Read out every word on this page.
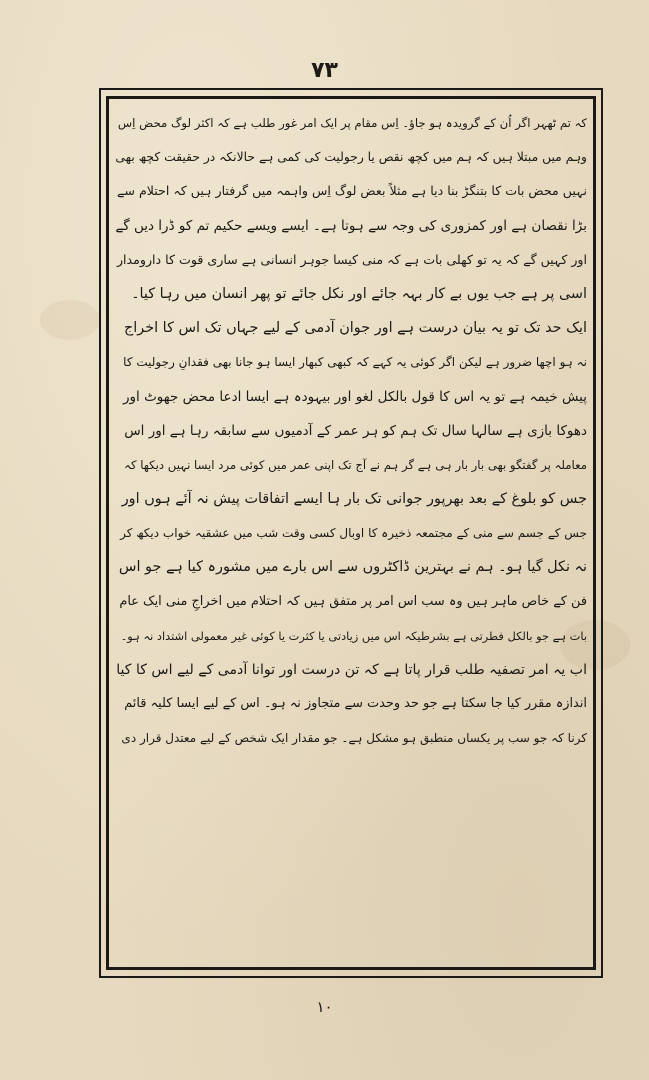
۷۳
کہ تم ٹھہر اگر اُن کے گرویدہ ہو جاؤ۔ اِس مقام پر ایک امر غور طلب ہے کہ اکثر لوگ محض اِس
وہم میں مبتلا ہیں کہ ہم میں کچھ نقص یا رجولیت کی کمی ہے حالانکہ در حقیقت کچھ بھی
نہیں محض بات کا بتنگڑ بنا دیا ہے مثلاً بعض لوگ اِس واہمہ میں گرفتار ہیں کہ احتلام سے
بڑا نقصان ہے اور کمزوری کی وجہ سے ہوتا ہے۔ ایسے ویسے حکیم تم کو ڈرا دیں گے
اور کہیں گے کہ یہ تو کھلی بات ہے کہ منی کیسا جوہر انسانی ہے ساری قوت کا دارومدار
اسی پر ہے جب یوں بے کار بہہ جائے اور نکل جائے تو پھر انسان میں رہا کیا۔
ایک حد تک تو یہ بیان درست ہے اور جوان آدمی کے لیے جہاں تک اس کا اخراج
نہ ہو اچھا ضرور ہے لیکن اگر کوئی یہ کہے کہ کبھی کبھار ایسا ہو جانا بھی فقدانِ رجولیت کا
پیش خیمہ ہے تو یہ اس کا قول بالکل لغو اور بیہودہ ہے ایسا ادعا محض جھوٹ اور
دھوکا بازی ہے سالہا سال تک ہم کو ہر عمر کے آدمیوں سے سابقہ رہا ہے اور اس
معاملہ پر گفتگو بھی بار بار ہی ہے گر ہم نے آج تک اپنی عمر میں کوئی مرد ایسا نہیں دیکھا کہ
جس کو بلوغ کے بعد بھرپور جوانی تک بار ہا ایسے اتفاقات پیش نہ آئے ہوں اور
جس کے جسم سے منی کے مجتمعہ ذخیرہ کا اوبال کسی وقت شب میں عشقیہ خواب دیکھ کر
نہ نکل گیا ہو۔ ہم نے بہترین ڈاکٹروں سے اس بارے میں مشورہ کیا ہے جو اس
فن کے خاص ماہر ہیں وہ سب اس امر پر متفق ہیں کہ احتلام میں اخراجِ منی ایک عام
بات ہے جو بالکل فطرتی ہے بشرطیکہ اس میں زیادتی یا کثرت یا کوئی غیر معمولی اشتداد نہ ہو۔
اب یہ امر تصفیہ طلب قرار پاتا ہے کہ تن درست اور توانا آدمی کے لیے اس کا کیا
اندازہ مقرر کیا جا سکتا ہے جو حد وحدت سے متجاوز نہ ہو۔ اس کے لیے ایسا کلیہ قائم
کرنا کہ جو سب پر یکساں منطبق ہو مشکل ہے۔ جو مقدار ایک شخص کے لیے معتدل قرار دی
۱۰
